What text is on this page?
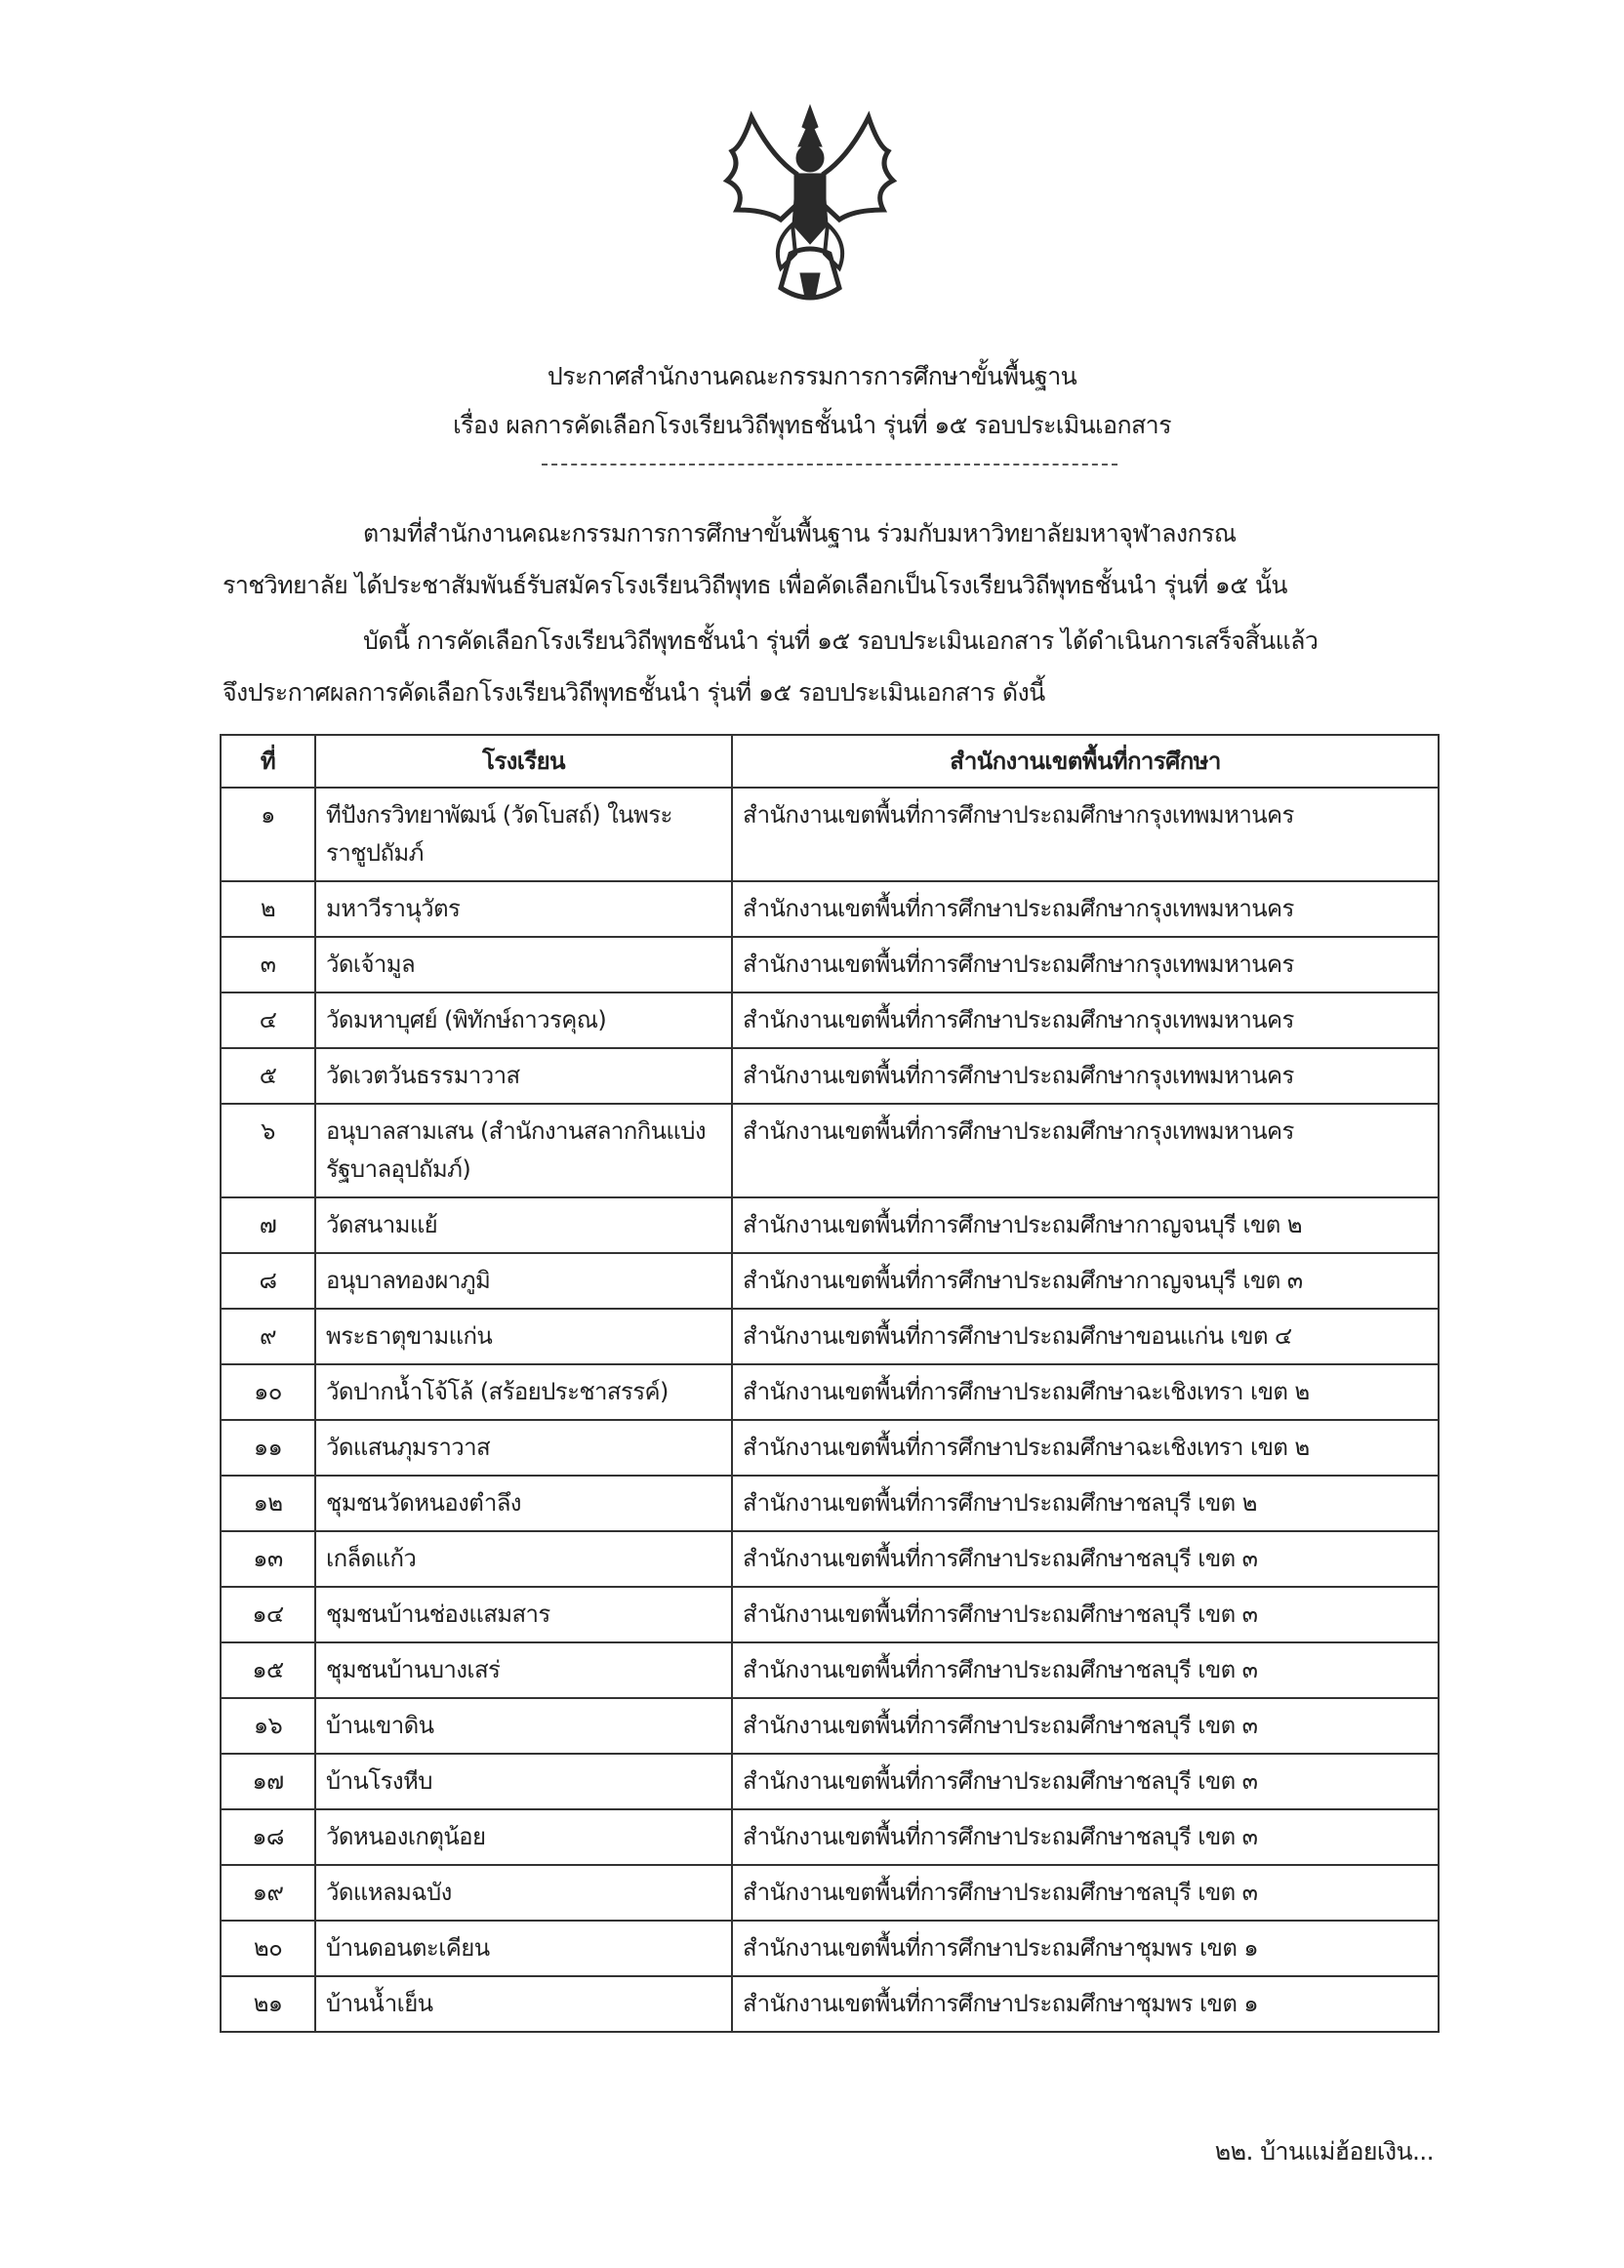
ประกาศสำนักงานคณะกรรมการการศึกษาขั้นพื้นฐาน
เรื่อง ผลการคัดเลือกโรงเรียนวิถีพุทธชั้นนำ รุ่นที่ ๑๕ รอบประเมินเอกสาร
ตามที่สำนักงานคณะกรรมการการศึกษาขั้นพื้นฐาน ร่วมกับมหาวิทยาลัยมหาจุฬาลงกรณ
ราชวิทยาลัย ได้ประชาสัมพันธ์รับสมัครโรงเรียนวิถีพุทธ เพื่อคัดเลือกเป็นโรงเรียนวิถีพุทธชั้นนำ รุ่นที่ ๑๕ นั้น
บัดนี้ การคัดเลือกโรงเรียนวิถีพุทธชั้นนำ รุ่นที่ ๑๕ รอบประเมินเอกสาร ได้ดำเนินการเสร็จสิ้นแล้ว
จึงประกาศผลการคัดเลือกโรงเรียนวิถีพุทธชั้นนำ รุ่นที่ ๑๕ รอบประเมินเอกสาร ดังนี้
ที่	โรงเรียน	สำนักงานเขตพื้นที่การศึกษา
๑	ทีปังกรวิทยาพัฒน์ (วัดโบสถ์) ในพระราชูปถัมภ์	สำนักงานเขตพื้นที่การศึกษาประถมศึกษากรุงเทพมหานคร
๒	มหาวีรานุวัตร	สำนักงานเขตพื้นที่การศึกษาประถมศึกษากรุงเทพมหานคร
๓	วัดเจ้ามูล	สำนักงานเขตพื้นที่การศึกษาประถมศึกษากรุงเทพมหานคร
๔	วัดมหาบุศย์ (พิทักษ์ถาวรคุณ)	สำนักงานเขตพื้นที่การศึกษาประถมศึกษากรุงเทพมหานคร
๕	วัดเวตวันธรรมาวาส	สำนักงานเขตพื้นที่การศึกษาประถมศึกษากรุงเทพมหานคร
๖	อนุบาลสามเสน (สำนักงานสลากกินแบ่งรัฐบาลอุปถัมภ์)	สำนักงานเขตพื้นที่การศึกษาประถมศึกษากรุงเทพมหานคร
๗	วัดสนามแย้	สำนักงานเขตพื้นที่การศึกษาประถมศึกษากาญจนบุรี เขต ๒
๘	อนุบาลทองผาภูมิ	สำนักงานเขตพื้นที่การศึกษาประถมศึกษากาญจนบุรี เขต ๓
๙	พระธาตุขามแก่น	สำนักงานเขตพื้นที่การศึกษาประถมศึกษาขอนแก่น เขต ๔
๑๐	วัดปากน้ำโจ้โล้ (สร้อยประชาสรรค์)	สำนักงานเขตพื้นที่การศึกษาประถมศึกษาฉะเชิงเทรา เขต ๒
๑๑	วัดแสนภุมราวาส	สำนักงานเขตพื้นที่การศึกษาประถมศึกษาฉะเชิงเทรา เขต ๒
๑๒	ชุมชนวัดหนองตำลึง	สำนักงานเขตพื้นที่การศึกษาประถมศึกษาชลบุรี เขต ๒
๑๓	เกล็ดแก้ว	สำนักงานเขตพื้นที่การศึกษาประถมศึกษาชลบุรี เขต ๓
๑๔	ชุมชนบ้านช่องแสมสาร	สำนักงานเขตพื้นที่การศึกษาประถมศึกษาชลบุรี เขต ๓
๑๕	ชุมชนบ้านบางเสร่	สำนักงานเขตพื้นที่การศึกษาประถมศึกษาชลบุรี เขต ๓
๑๖	บ้านเขาดิน	สำนักงานเขตพื้นที่การศึกษาประถมศึกษาชลบุรี เขต ๓
๑๗	บ้านโรงหีบ	สำนักงานเขตพื้นที่การศึกษาประถมศึกษาชลบุรี เขต ๓
๑๘	วัดหนองเกตุน้อย	สำนักงานเขตพื้นที่การศึกษาประถมศึกษาชลบุรี เขต ๓
๑๙	วัดแหลมฉบัง	สำนักงานเขตพื้นที่การศึกษาประถมศึกษาชลบุรี เขต ๓
๒๐	บ้านดอนตะเคียน	สำนักงานเขตพื้นที่การศึกษาประถมศึกษาชุมพร เขต ๑
๒๑	บ้านน้ำเย็น	สำนักงานเขตพื้นที่การศึกษาประถมศึกษาชุมพร เขต ๑
๒๒. บ้านแม่ฮ้อยเงิน...
